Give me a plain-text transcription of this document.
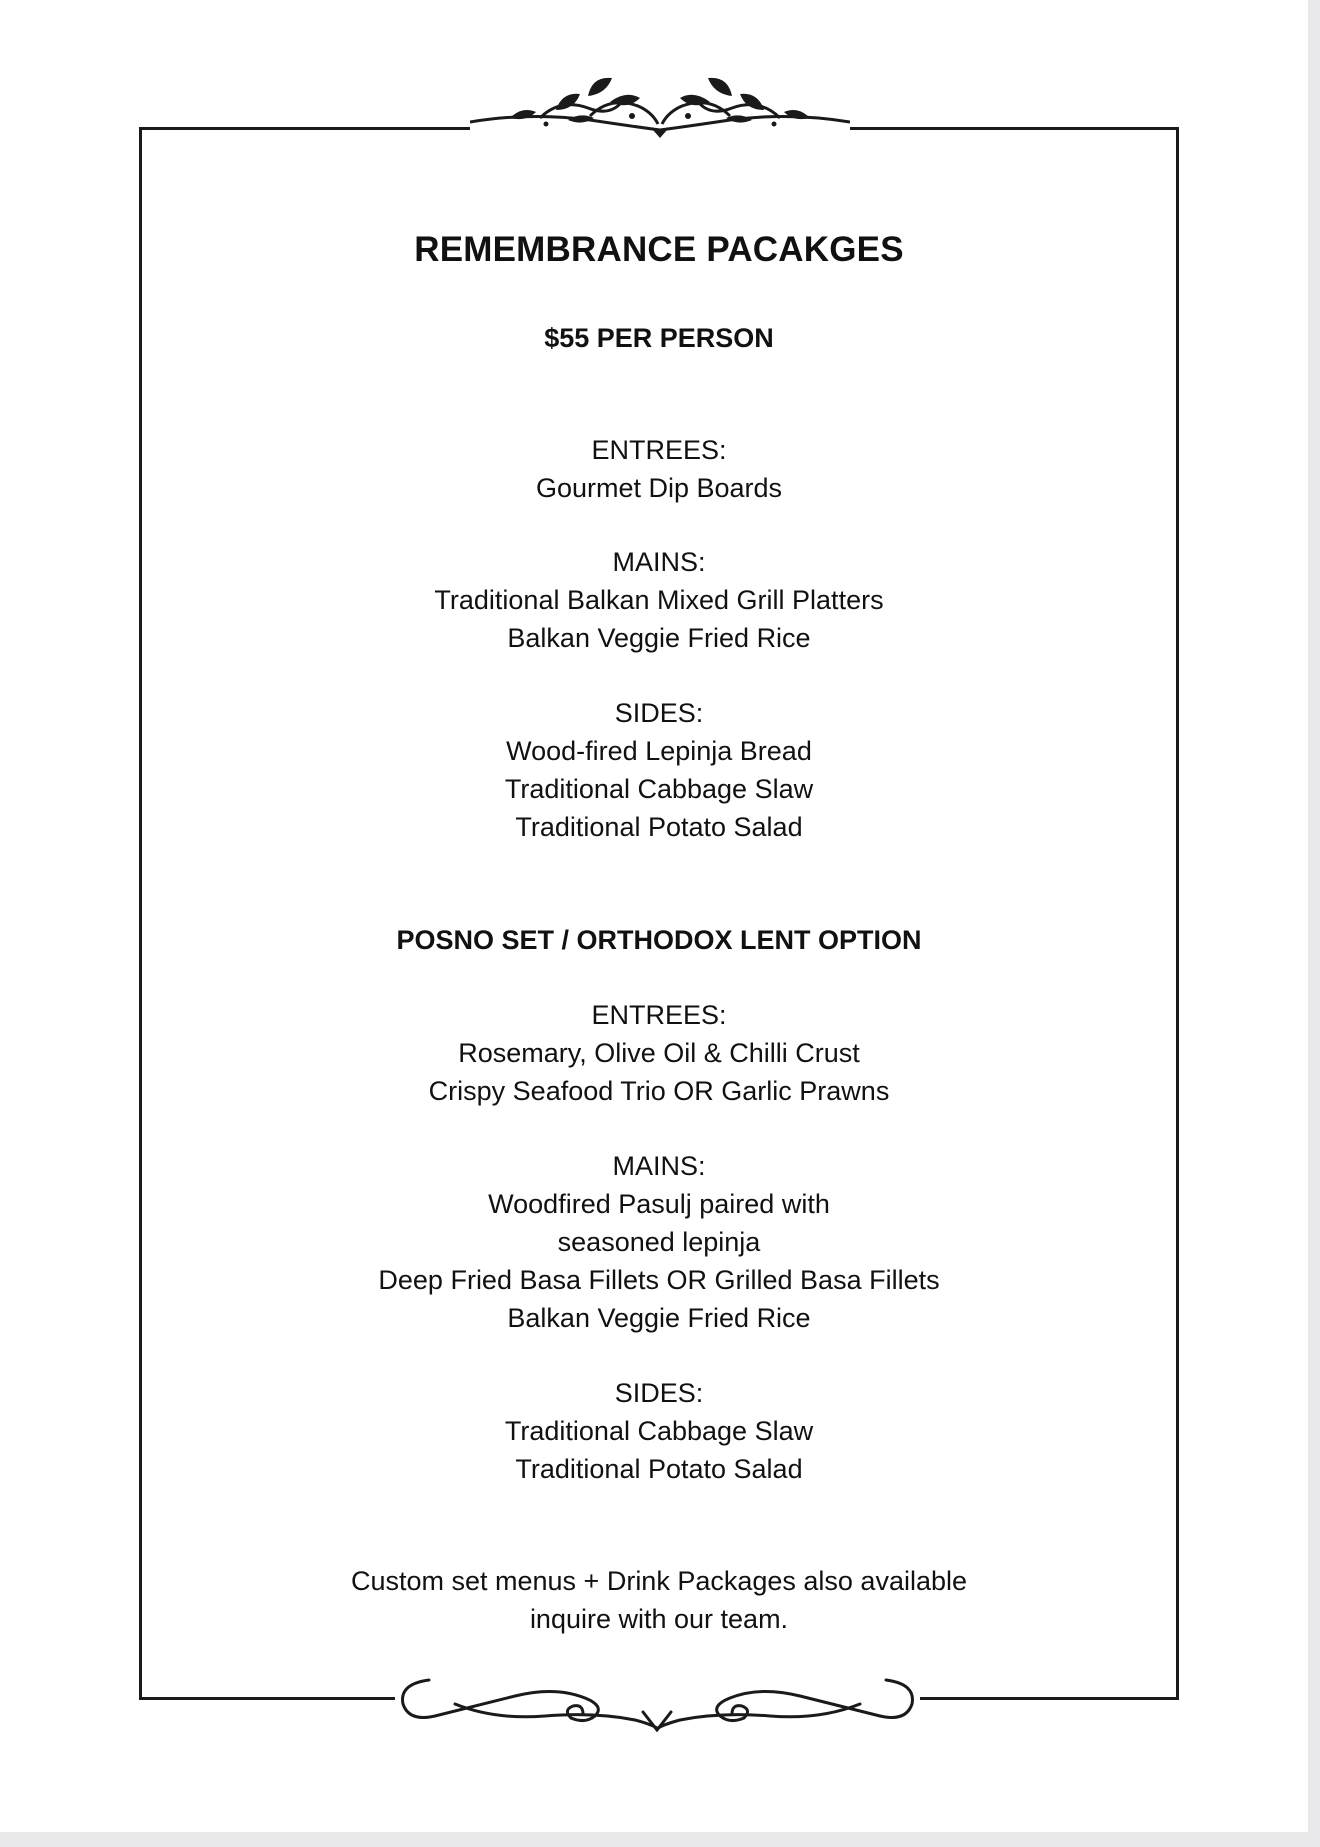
REMEMBRANCE PACAKGES
$55 PER PERSON
ENTREES:
Gourmet Dip Boards
MAINS:
Traditional Balkan Mixed Grill Platters
Balkan Veggie Fried Rice
SIDES:
Wood-fired Lepinja Bread
Traditional Cabbage Slaw
Traditional Potato Salad
POSNO SET / ORTHODOX LENT OPTION
ENTREES:
Rosemary, Olive Oil & Chilli Crust
Crispy Seafood Trio OR Garlic Prawns
MAINS:
Woodfired Pasulj paired with
seasoned lepinja
Deep Fried Basa Fillets OR Grilled Basa Fillets
Balkan Veggie Fried Rice
SIDES:
Traditional Cabbage Slaw
Traditional Potato Salad
Custom set menus + Drink Packages also available
inquire with our team.
